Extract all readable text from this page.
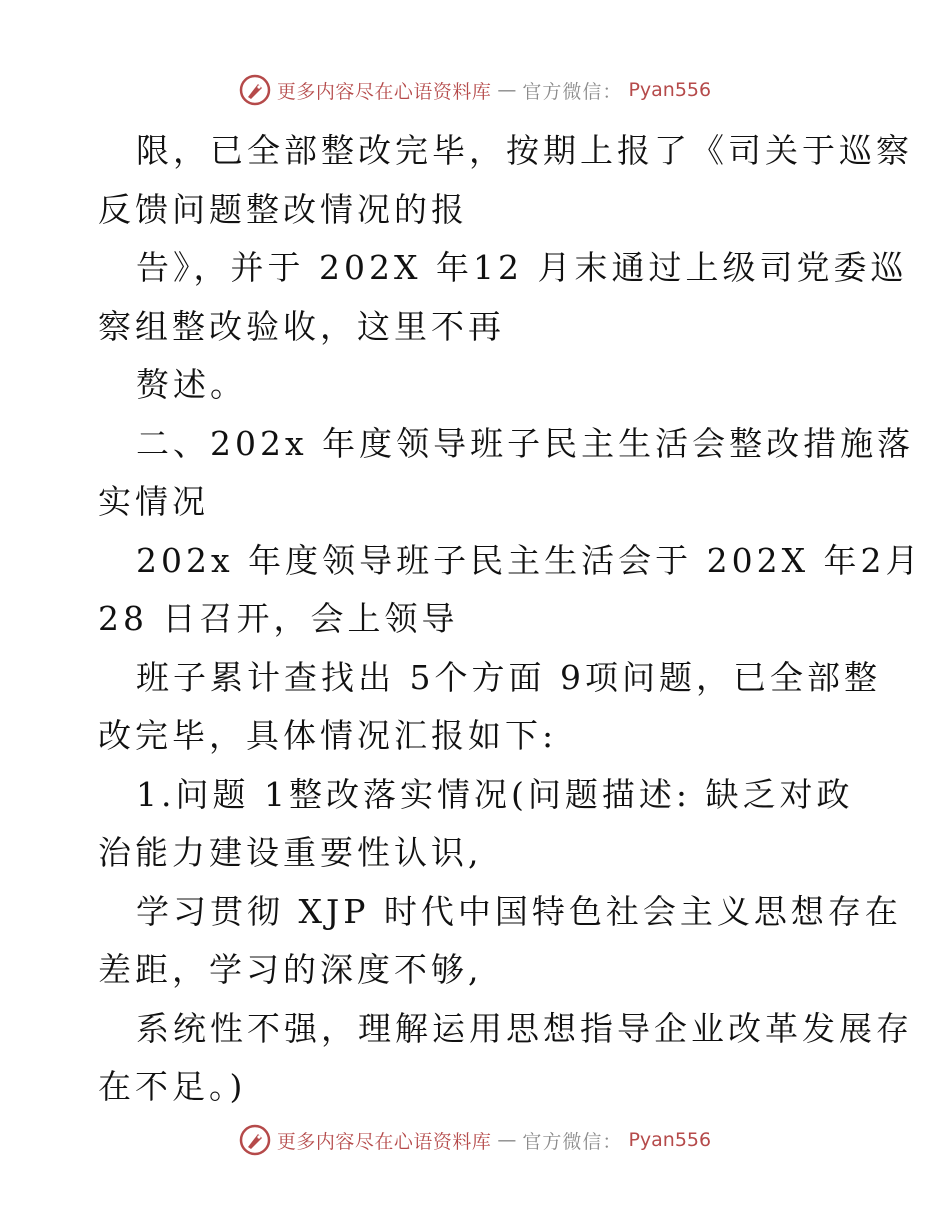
更多内容尽在心语资料库 — 官方微信： Pyan556
限，已全部整改完毕，按期上报了《司关于巡察
反馈问题整改情况的报
告》，并于 202X 年12 月末通过上级司党委巡
察组整改验收，这里不再
赘述。
二、202x 年度领导班子民主生活会整改措施落
实情况
202x 年度领导班子民主生活会于 202X 年2月
28 日召开，会上领导
班子累计查找出 5个方面 9项问题，已全部整
改完毕，具体情况汇报如下:
1.问题 1整改落实情况(问题描述: 缺乏对政
治能力建设重要性认识,
学习贯彻 XJP 时代中国特色社会主义思想存在
差距，学习的深度不够,
系统性不强，理解运用思想指导企业改革发展存
在不足。)
更多内容尽在心语资料库 — 官方微信： Pyan556
